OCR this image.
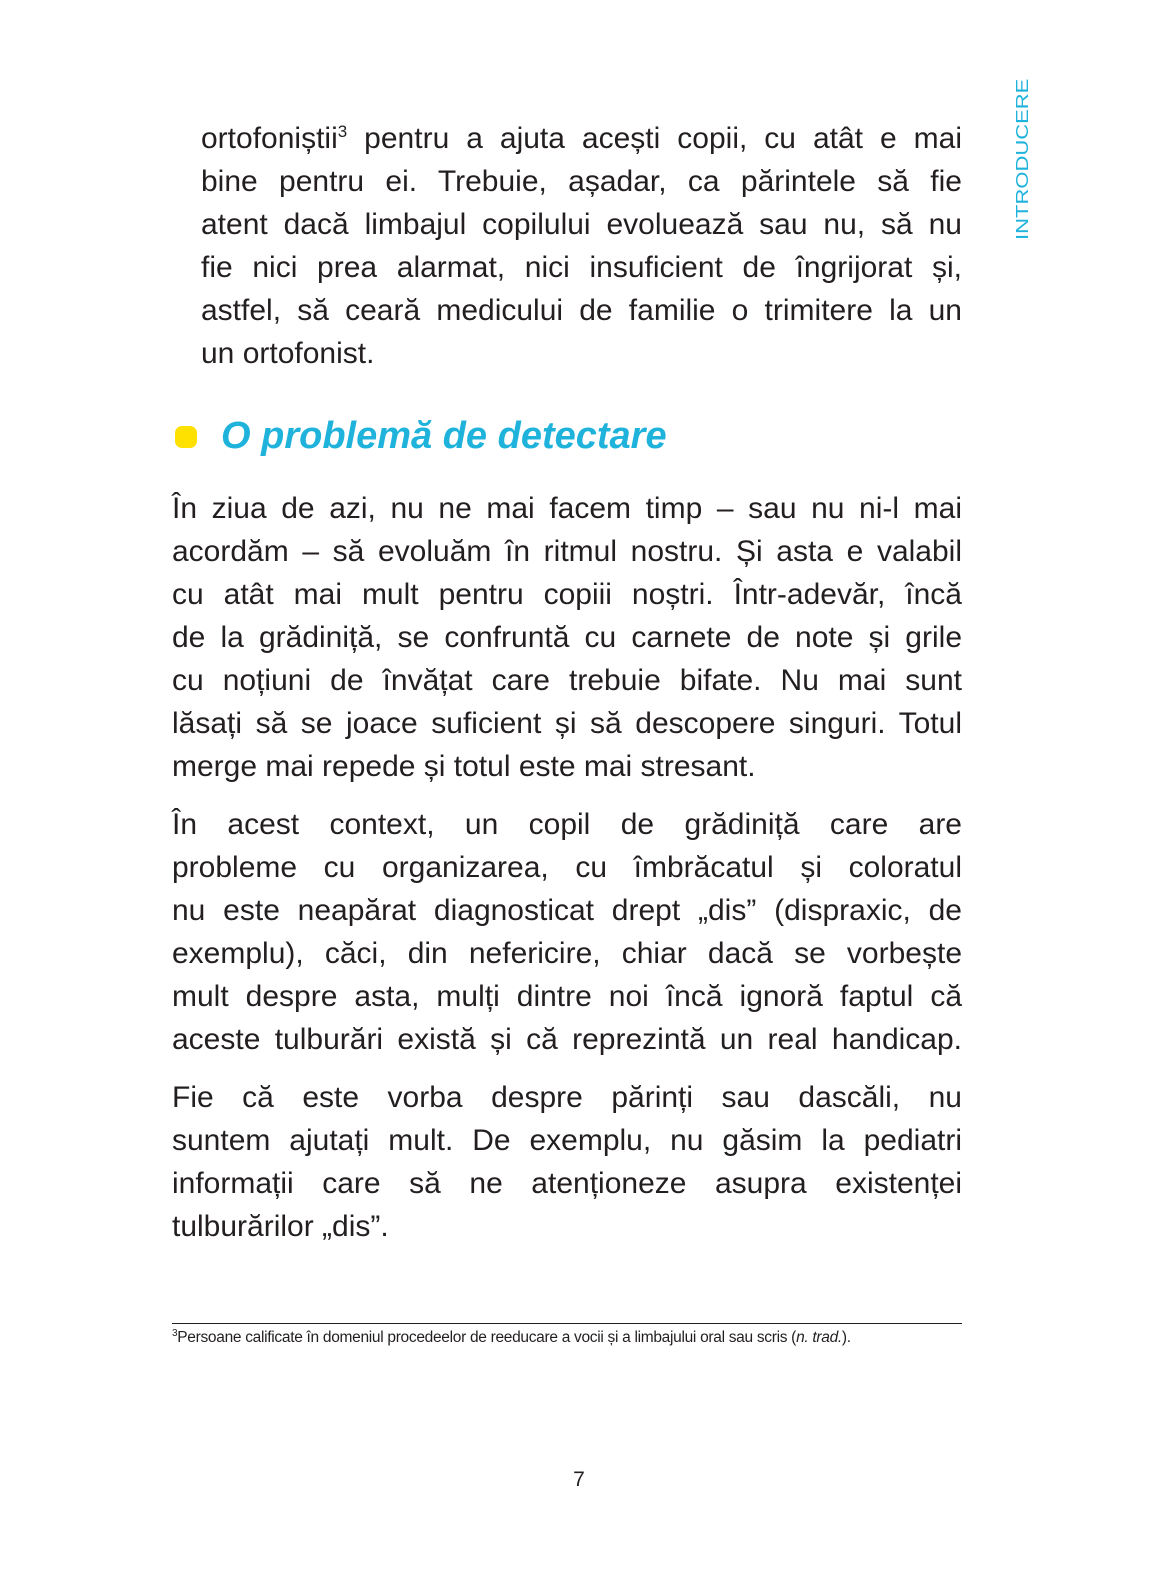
INTRODUCERE
ortofoniștii$^3$ pentru a ajuta acești copii, cu atât e mai
bine pentru ei. Trebuie, așadar, ca părintele să fie
atent dacă limbajul copilului evoluează sau nu, să nu
fie nici prea alarmat, nici insuficient de îngrijorat și,
astfel, să ceară medicului de familie o trimitere la un
un ortofonist.
O problemă de detectare
În ziua de azi, nu ne mai facem timp – sau nu ni-l mai
acordăm – să evoluăm în ritmul nostru. Și asta e valabil
cu atât mai mult pentru copiii noștri. Într-adevăr, încă
de la grădiniță, se confruntă cu carnete de note și grile
cu noțiuni de învățat care trebuie bifate. Nu mai sunt
lăsați să se joace suficient și să descopere singuri. Totul
merge mai repede și totul este mai stresant.
În acest context, un copil de grădiniță care are
probleme cu organizarea, cu îmbrăcatul și coloratul
nu este neapărat diagnosticat drept „dis” (dispraxic, de
exemplu), căci, din nefericire, chiar dacă se vorbește
mult despre asta, mulți dintre noi încă ignoră faptul că
aceste tulburări există și că reprezintă un real handicap.
Fie că este vorba despre părinți sau dascăli, nu
suntem ajutați mult. De exemplu, nu găsim la pediatri
informații care să ne atenționeze asupra existenței
tulburărilor „dis”.
$^3$Persoane calificate în domeniul procedeelor de reeducare a vocii și a limbajului oral sau scris (n. trad.).
7
